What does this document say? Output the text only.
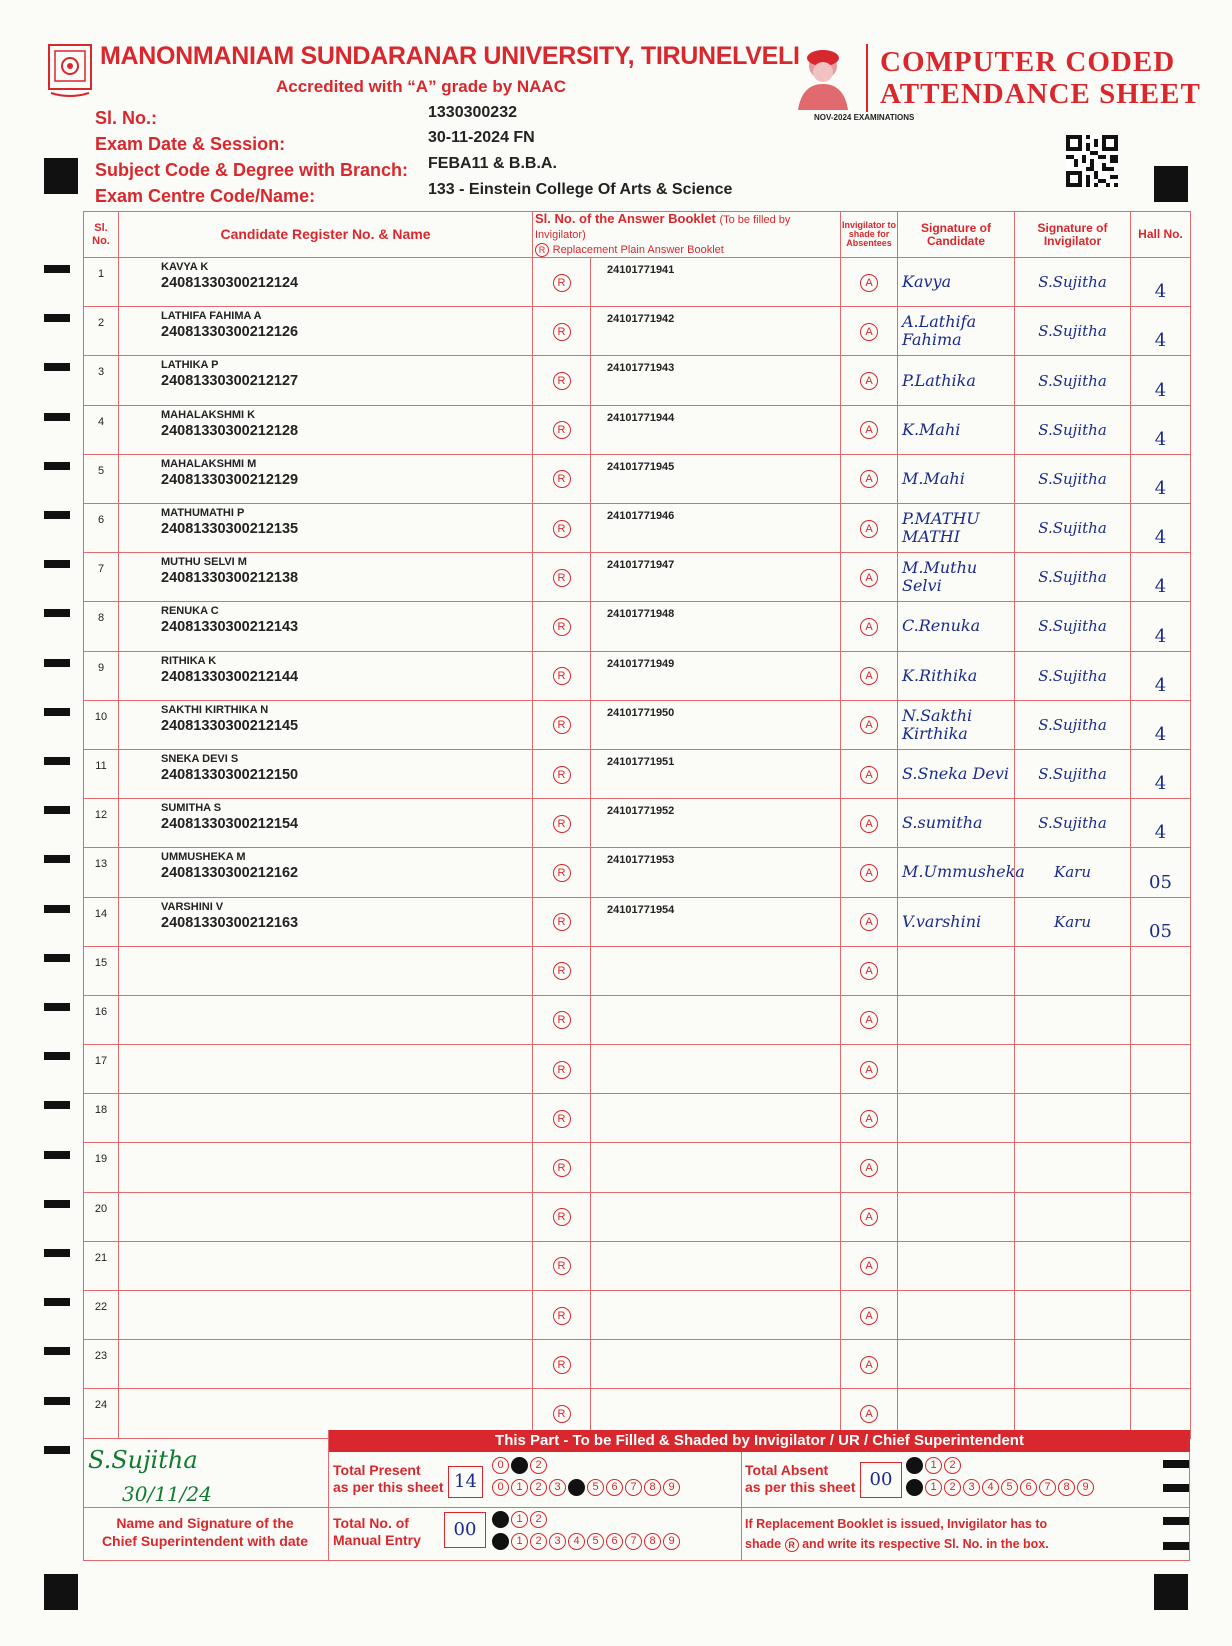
MANONMANIAM SUNDARANAR UNIVERSITY, TIRUNELVELI
Accredited with “A” grade by NAAC
COMPUTER CODED
ATTENDANCE SHEET
NOV-2024 EXAMINATIONS
Sl. No.:	1330300232
Exam Date & Session:	30-11-2024 FN
Subject Code & Degree with Branch: FEBA11 & B.B.A.
Exam Centre Code/Name:	133 - Einstein College Of Arts & Science
Sl. No.	Candidate Register No. & Name	Sl. No. of the Answer Booklet (To be filled by Invigilator)
R Replacement Plain Answer Booklet		Invigilator to shade for Absentees	Signature of Candidate	Signature of Invigilator	Hall No.
1	KAVYA K
24081330300212124	R	24101771941	A	Kavya	S.Sujitha	4
2	LATHIFA FAHIMA A
24081330300212126	R	24101771942	A	A.Lathifa Fahima	S.Sujitha	4
3	LATHIKA P
24081330300212127	R	24101771943	A	P.Lathika	S.Sujitha	4
4	MAHALAKSHMI K
24081330300212128	R	24101771944	A	K.Mahi	S.Sujitha	4
5	MAHALAKSHMI M
24081330300212129	R	24101771945	A	M.Mahi	S.Sujitha	4
6	MATHUMATHI P
24081330300212135	R	24101771946	A	P.MATHU MATHI	S.Sujitha	4
7	MUTHU SELVI M
24081330300212138	R	24101771947	A	M.Muthu Selvi	S.Sujitha	4
8	RENUKA C
24081330300212143	R	24101771948	A	C.Renuka	S.Sujitha	4
9	RITHIKA K
24081330300212144	R	24101771949	A	K.Rithika	S.Sujitha	4
10	SAKTHI KIRTHIKA N
24081330300212145	R	24101771950	A	N.Sakthi Kirthika	S.Sujitha	4
11	SNEKA DEVI S
24081330300212150	R	24101771951	A	S.Sneka Devi	S.Sujitha	4
12	SUMITHA S
24081330300212154	R	24101771952	A	S.sumitha	S.Sujitha	4
13	UMMUSHEKA M
24081330300212162	R	24101771953	A	M.Ummusheka	Karu	05
14	VARSHINI V
24081330300212163	R	24101771954	A	V.varshini	Karu	05
15		R		A			
16		R		A			
17		R		A			
18		R		A			
19		R		A			
20		R		A			
21		R		A			
22		R		A			
23		R		A			
24		R		A			
This Part - To be Filled & Shaded by Invigilator / UR / Chief Superintendent
S.Sujitha
30/11/24
Name and Signature of the
Chief Superintendent with date
Total Present
as per this sheet 14
0 1 2
0 1 2 3 4 5 6 7 8 9
Total Absent
as per this sheet 00
0 1 2
0 1 2 3 4 5 6 7 8 9
Total No. of
Manual Entry	00	0 1 2
0 1 2 3 4 5 6 7 8 9
If Replacement Booklet is issued, Invigilator has to
shade R and write its respective Sl. No. in the box.
